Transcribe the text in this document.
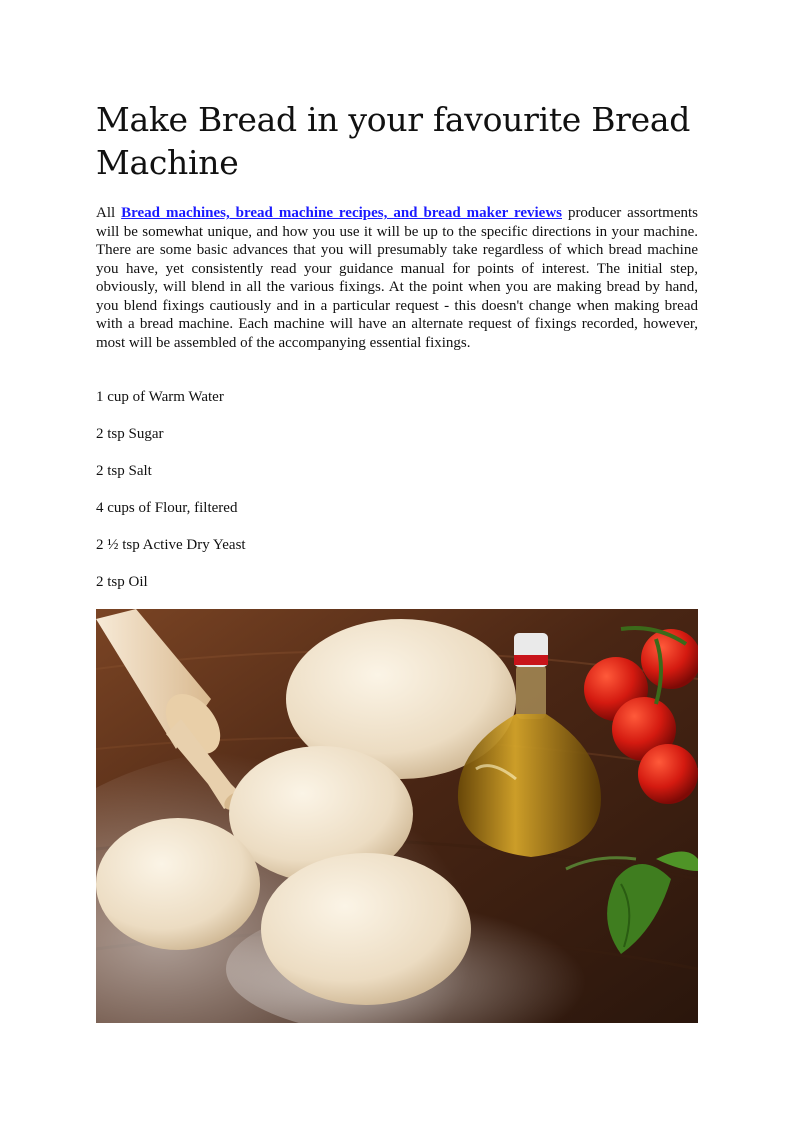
Make Bread in your favourite Bread Machine

All Bread machines, bread machine recipes, and bread maker reviews producer assortments will be somewhat unique, and how you use it will be up to the specific directions in your machine. There are some basic advances that you will presumably take regardless of which bread machine you have, yet consistently read your guidance manual for points of interest. The initial step, obviously, will blend in all the various fixings. At the point when you are making bread by hand, you blend fixings cautiously and in a particular request - this doesn't change when making bread with a bread machine. Each machine will have an alternate request of fixings recorded, however, most will be assembled of the accompanying essential fixings.

1 cup of Warm Water
2 tsp Sugar
2 tsp Salt
4 cups of Flour, filtered
2 ½ tsp Active Dry Yeast
2 tsp Oil
